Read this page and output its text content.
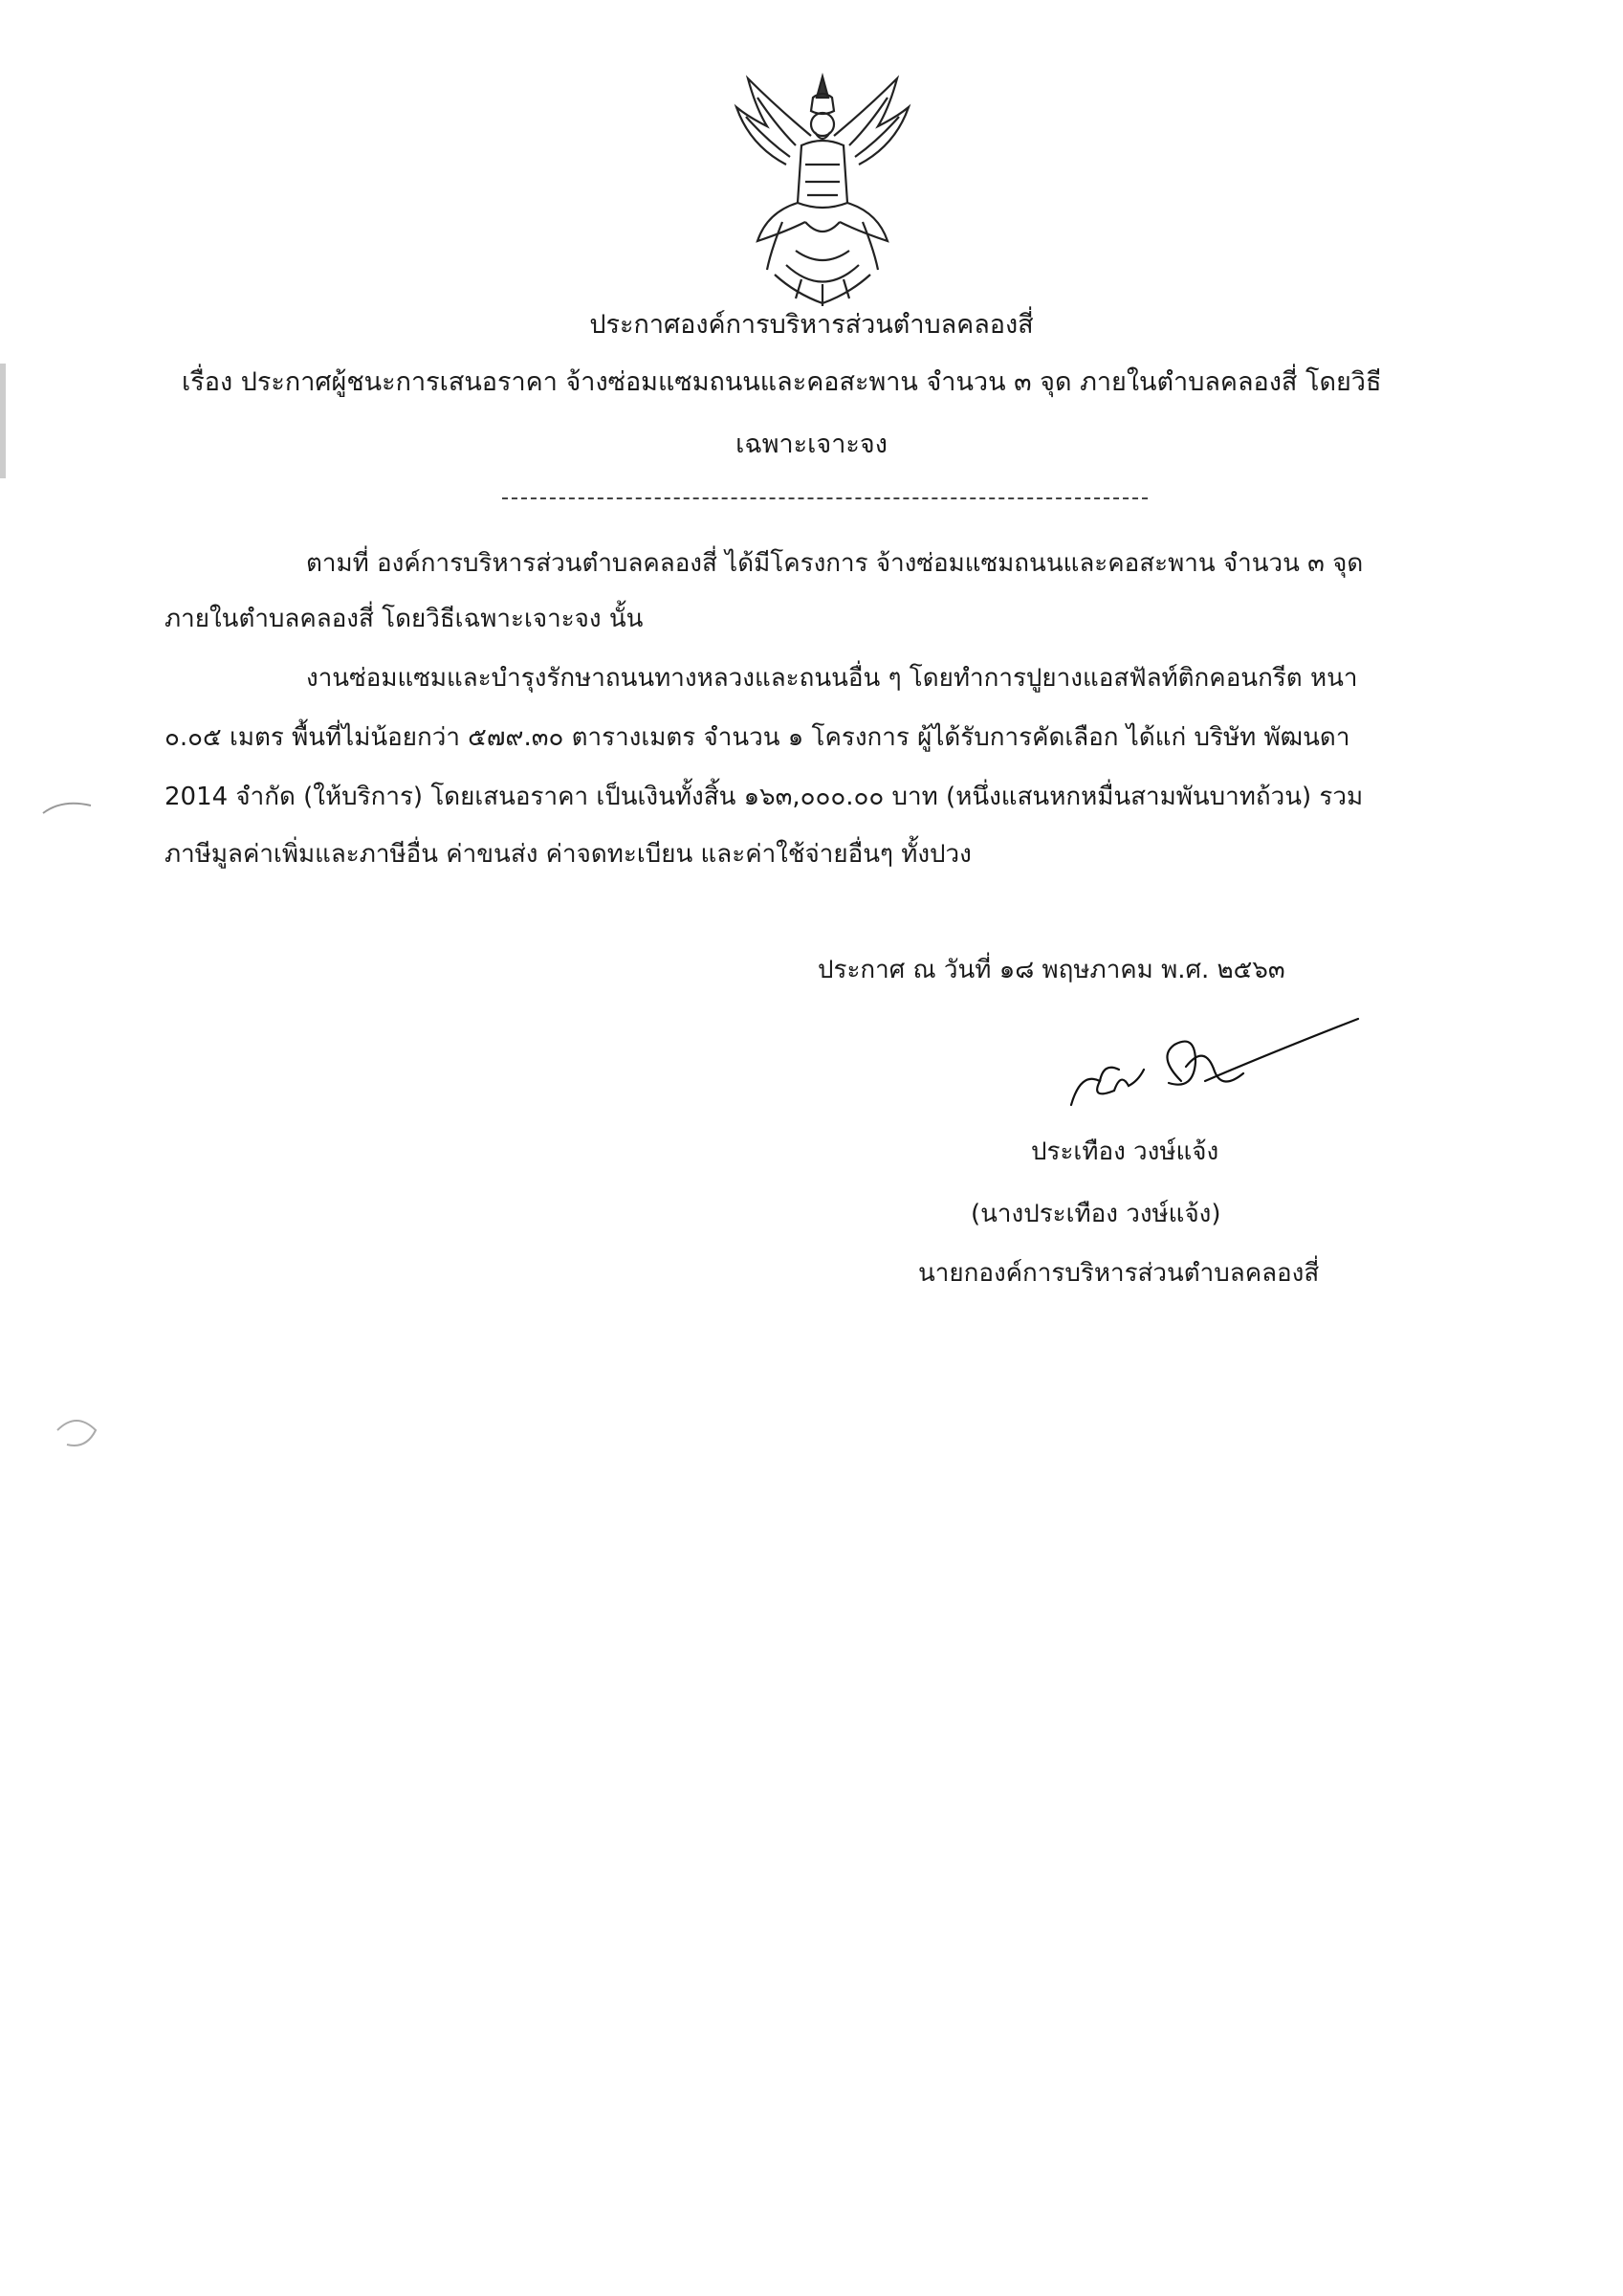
ประกาศองค์การบริหารส่วนตำบลคลองสี่
เรื่อง ประกาศผู้ชนะการเสนอราคา จ้างซ่อมแซมถนนและคอสะพาน จำนวน ๓ จุด ภายในตำบลคลองสี่ โดยวิธี
เฉพาะเจาะจง
ตามที่ องค์การบริหารส่วนตำบลคลองสี่ ได้มีโครงการ จ้างซ่อมแซมถนนและคอสะพาน จำนวน ๓ จุด
ภายในตำบลคลองสี่ โดยวิธีเฉพาะเจาะจง นั้น
งานซ่อมแซมและบำรุงรักษาถนนทางหลวงและถนนอื่น ๆ โดยทำการปูยางแอสฟัลท์ติกคอนกรีต หนา
๐.๐๕ เมตร พื้นที่ไม่น้อยกว่า ๕๗๙.๓๐ ตารางเมตร จำนวน ๑ โครงการ ผู้ได้รับการคัดเลือก ได้แก่ บริษัท พัฒนดา
2014 จำกัด (ให้บริการ) โดยเสนอราคา เป็นเงินทั้งสิ้น ๑๖๓,๐๐๐.๐๐ บาท (หนึ่งแสนหกหมื่นสามพันบาทถ้วน) รวม
ภาษีมูลค่าเพิ่มและภาษีอื่น ค่าขนส่ง ค่าจดทะเบียน และค่าใช้จ่ายอื่นๆ ทั้งปวง
ประกาศ ณ วันที่ ๑๘ พฤษภาคม พ.ศ. ๒๕๖๓
ประเทือง วงษ์แจ้ง
(นางประเทือง วงษ์แจ้ง)
นายกองค์การบริหารส่วนตำบลคลองสี่
